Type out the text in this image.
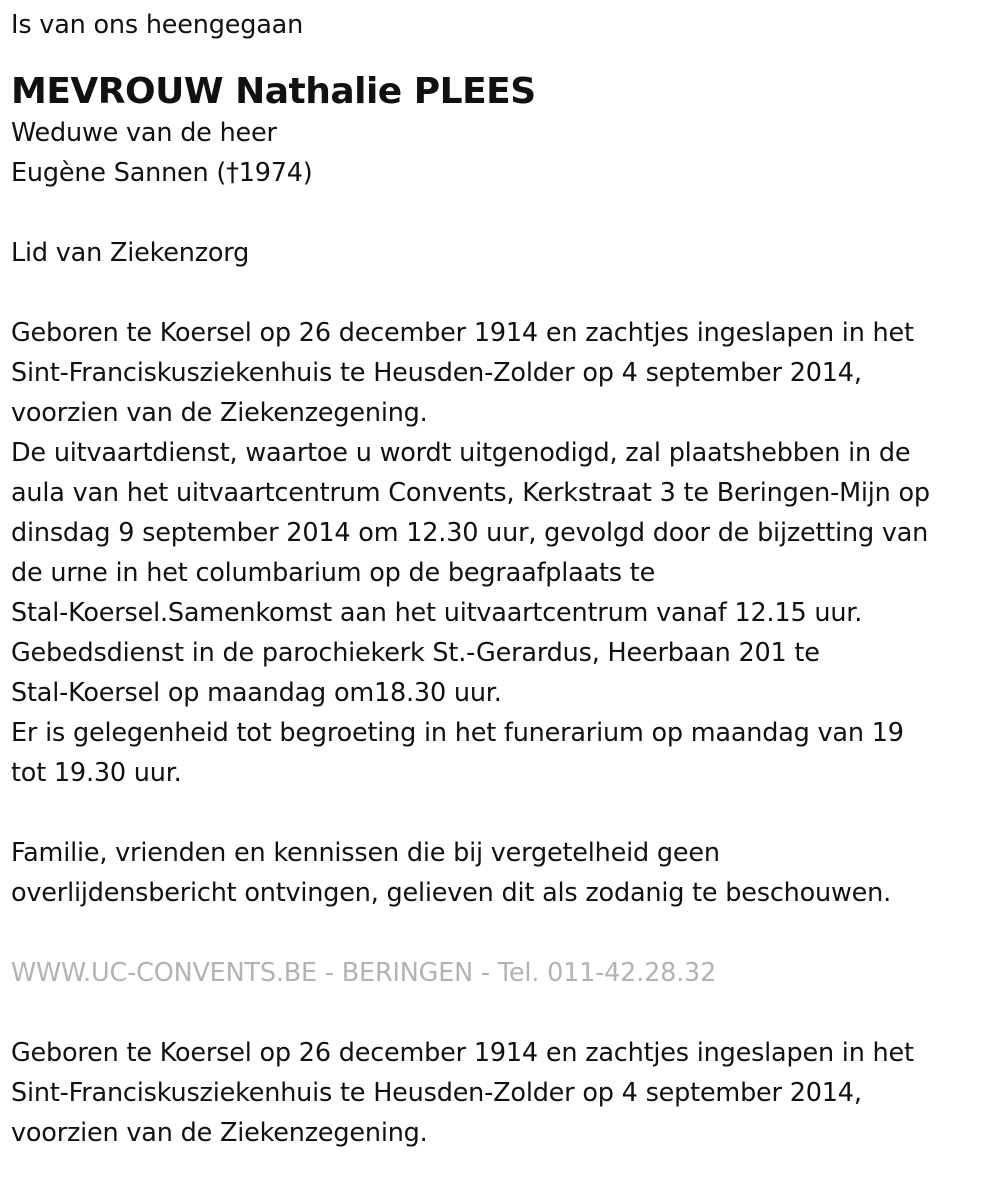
Is van ons heengegaan
MEVROUW Nathalie PLEES
Weduwe van de heer
Eugène Sannen (†1974)
Lid van Ziekenzorg
Geboren te Koersel op 26 december 1914 en zachtjes ingeslapen in het
Sint-Franciskusziekenhuis te Heusden-Zolder op 4 september 2014,
voorzien van de Ziekenzegening.
De uitvaartdienst, waartoe u wordt uitgenodigd, zal plaatshebben in de
aula van het uitvaartcentrum Convents, Kerkstraat 3 te Beringen-Mijn op
dinsdag 9 september 2014 om 12.30 uur, gevolgd door de bijzetting van
de urne in het columbarium op de begraafplaats te
Stal-Koersel.Samenkomst aan het uitvaartcentrum vanaf 12.15 uur.
Gebedsdienst in de parochiekerk St.-Gerardus, Heerbaan 201 te
Stal-Koersel op maandag om18.30 uur.
Er is gelegenheid tot begroeting in het funerarium op maandag van 19
tot 19.30 uur.
Familie, vrienden en kennissen die bij vergetelheid geen
overlijdensbericht ontvingen, gelieven dit als zodanig te beschouwen.
WWW.UC-CONVENTS.BE - BERINGEN - Tel. 011-42.28.32
Geboren te Koersel op 26 december 1914 en zachtjes ingeslapen in het
Sint-Franciskusziekenhuis te Heusden-Zolder op 4 september 2014,
voorzien van de Ziekenzegening.
